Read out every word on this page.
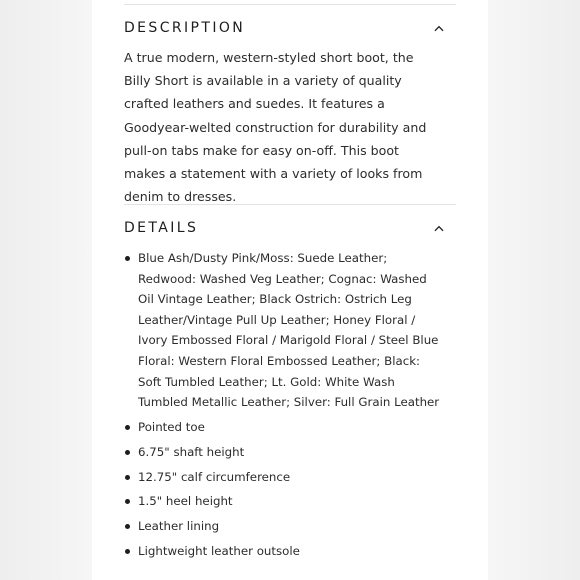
DESCRIPTION

A true modern, western-styled short boot, the Billy Short is available in a variety of quality crafted leathers and suedes. It features a Goodyear-welted construction for durability and pull-on tabs make for easy on-off. This boot makes a statement with a variety of looks from denim to dresses.

DETAILS
Blue Ash/Dusty Pink/Moss: Suede Leather; Redwood: Washed Veg Leather; Cognac: Washed Oil Vintage Leather; Black Ostrich: Ostrich Leg Leather/Vintage Pull Up Leather; Honey Floral / Ivory Embossed Floral / Marigold Floral / Steel Blue Floral: Western Floral Embossed Leather; Black: Soft Tumbled Leather; Lt. Gold: White Wash Tumbled Metallic Leather; Silver: Full Grain Leather
Pointed toe
6.75" shaft height
12.75" calf circumference
1.5" heel height
Leather lining
Lightweight leather outsole
